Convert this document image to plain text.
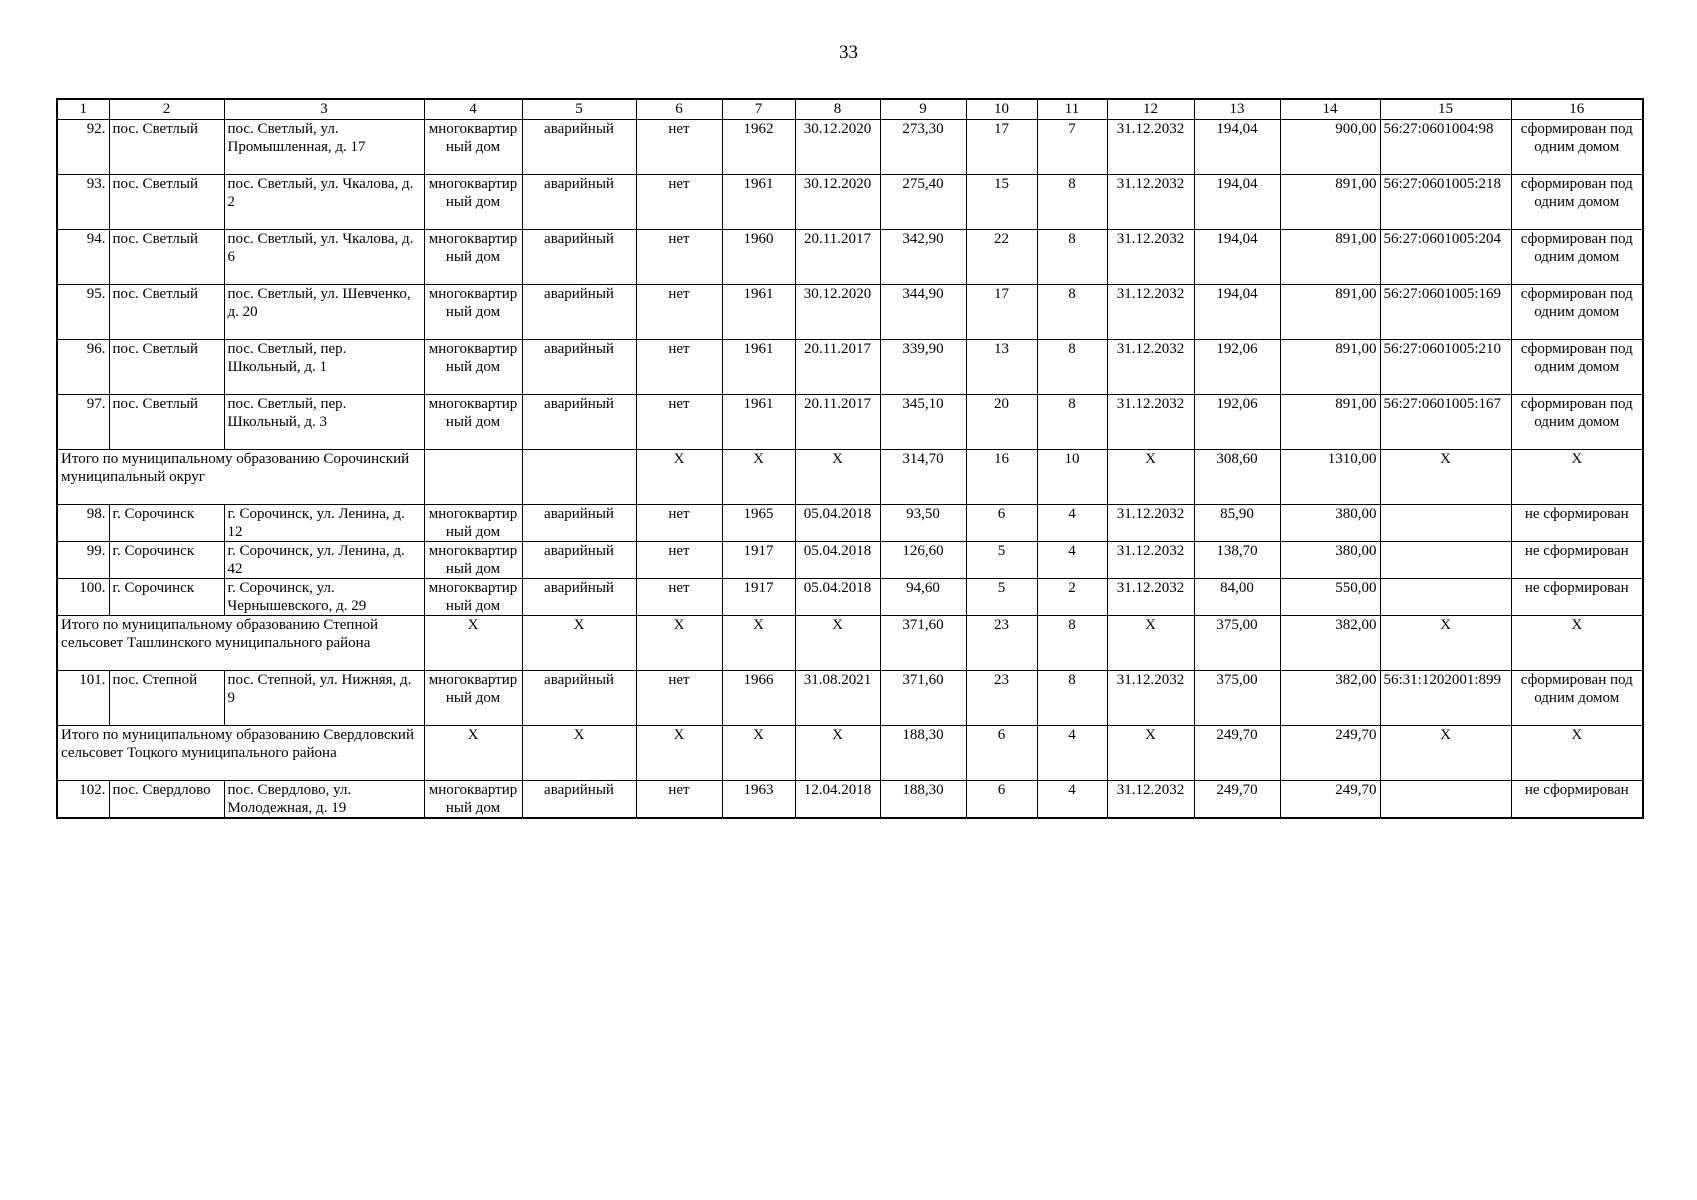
33
1	2	3	4	5	6	7	8	9	10	11	12	13	14	15	16
92.	пос. Светлый	пос. Светлый, ул. Промышленная, д. 17	многоквартирный дом	аварийный	нет	1962	30.12.2020	273,30	17	7	31.12.2032	194,04	900,00	56:27:0601004:98	сформирован под одним домом
93.	пос. Светлый	пос. Светлый, ул. Чкалова, д. 2	многоквартирный дом	аварийный	нет	1961	30.12.2020	275,40	15	8	31.12.2032	194,04	891,00	56:27:0601005:218	сформирован под одним домом
94.	пос. Светлый	пос. Светлый, ул. Чкалова, д. 6	многоквартирный дом	аварийный	нет	1960	20.11.2017	342,90	22	8	31.12.2032	194,04	891,00	56:27:0601005:204	сформирован под одним домом
95.	пос. Светлый	пос. Светлый, ул. Шевченко, д. 20	многоквартирный дом	аварийный	нет	1961	30.12.2020	344,90	17	8	31.12.2032	194,04	891,00	56:27:0601005:169	сформирован под одним домом
96.	пос. Светлый	пос. Светлый, пер. Школьный, д. 1	многоквартирный дом	аварийный	нет	1961	20.11.2017	339,90	13	8	31.12.2032	192,06	891,00	56:27:0601005:210	сформирован под одним домом
97.	пос. Светлый	пос. Светлый, пер. Школьный, д. 3	многоквартирный дом	аварийный	нет	1961	20.11.2017	345,10	20	8	31.12.2032	192,06	891,00	56:27:0601005:167	сформирован под одним домом
Итого по муниципальному образованию Сорочинский муниципальный округ					X	X	X	314,70	16	10	X	308,60	1310,00	X	X
98.	г. Сорочинск	г. Сорочинск, ул. Ленина, д. 12	многоквартирный дом	аварийный	нет	1965	05.04.2018	93,50	6	4	31.12.2032	85,90	380,00		не сформирован
99.	г. Сорочинск	г. Сорочинск, ул. Ленина, д. 42	многоквартирный дом	аварийный	нет	1917	05.04.2018	126,60	5	4	31.12.2032	138,70	380,00		не сформирован
100.	г. Сорочинск	г. Сорочинск, ул. Чернышевского, д. 29	многоквартирный дом	аварийный	нет	1917	05.04.2018	94,60	5	2	31.12.2032	84,00	550,00		не сформирован
Итого по муниципальному образованию Степной сельсовет Ташлинского муниципального района			X	X	X	X	X	371,60	23	8	X	375,00	382,00	X	X
101.	пос. Степной	пос. Степной, ул. Нижняя, д. 9	многоквартирный дом	аварийный	нет	1966	31.08.2021	371,60	23	8	31.12.2032	375,00	382,00	56:31:1202001:899	сформирован под одним домом
Итого по муниципальному образованию Свердловский сельсовет Тоцкого муниципального района			X	X	X	X	X	188,30	6	4	X	249,70	249,70	X	X
102.	пос. Свердлово	пос. Свердлово, ул. Молодежная, д. 19	многоквартирный дом	аварийный	нет	1963	12.04.2018	188,30	6	4	31.12.2032	249,70	249,70		не сформирован
